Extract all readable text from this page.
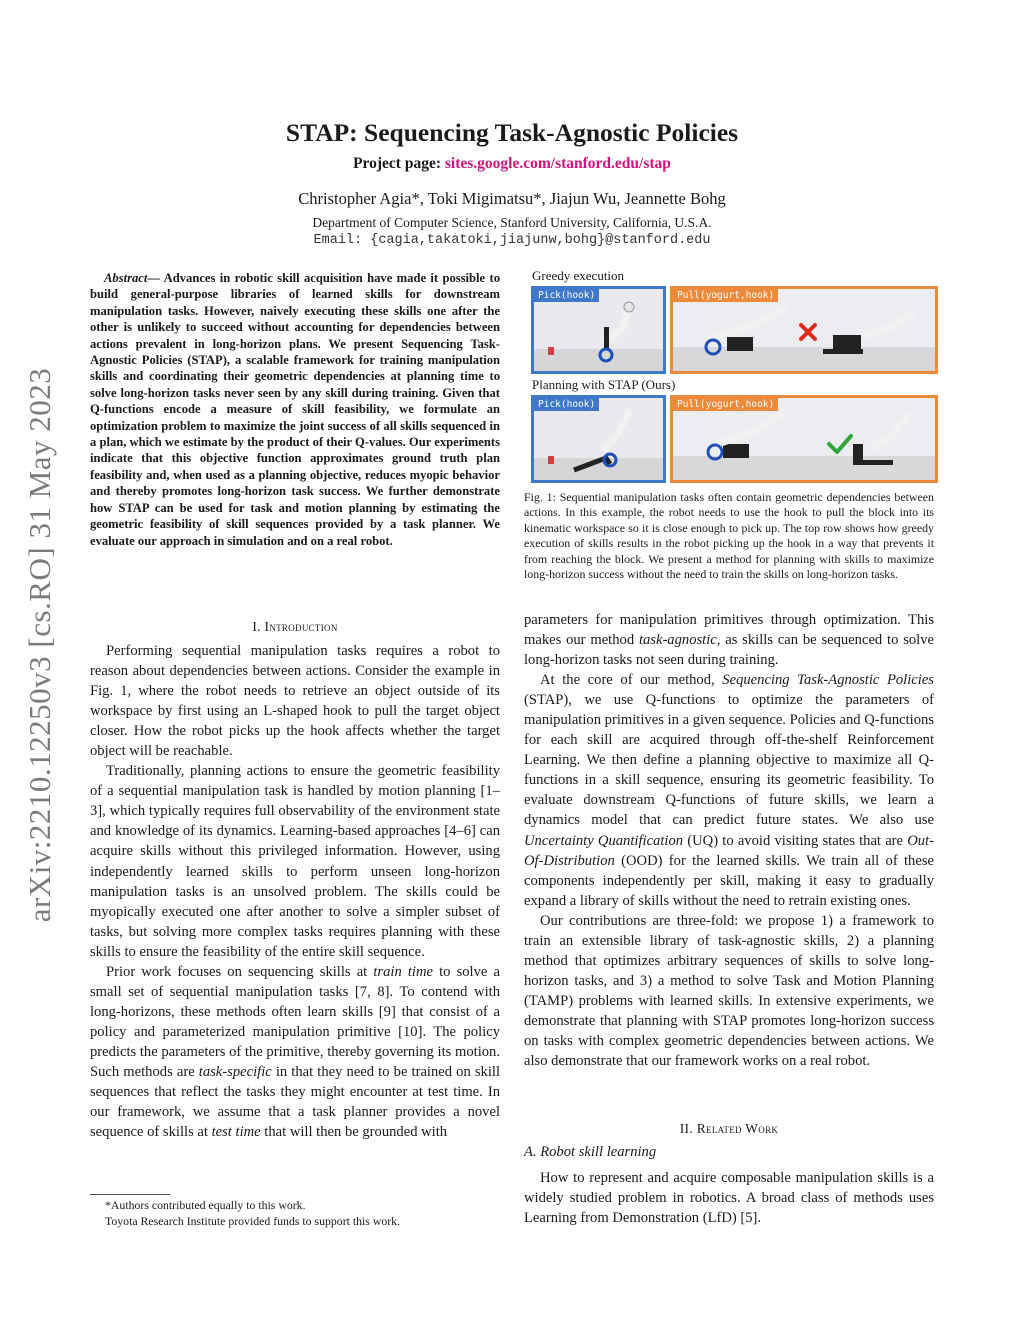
arXiv:2210.12250v3 [cs.RO] 31 May 2023
STAP: Sequencing Task-Agnostic Policies
Project page: sites.google.com/stanford.edu/stap
Christopher Agia*, Toki Migimatsu*, Jiajun Wu, Jeannette Bohg
Department of Computer Science, Stanford University, California, U.S.A.
Email: {cagia,takatoki,jiajunw,bohg}@stanford.edu
Abstract— Advances in robotic skill acquisition have made it possible to build general-purpose libraries of learned skills for downstream manipulation tasks. However, naively executing these skills one after the other is unlikely to succeed without accounting for dependencies between actions prevalent in long-horizon plans. We present Sequencing Task-Agnostic Policies (STAP), a scalable framework for training manipulation skills and coordinating their geometric dependencies at planning time to solve long-horizon tasks never seen by any skill during training. Given that Q-functions encode a measure of skill feasibility, we formulate an optimization problem to maximize the joint success of all skills sequenced in a plan, which we estimate by the product of their Q-values. Our experiments indicate that this objective function approximates ground truth plan feasibility and, when used as a planning objective, reduces myopic behavior and thereby promotes long-horizon task success. We further demonstrate how STAP can be used for task and motion planning by estimating the geometric feasibility of skill sequences provided by a task planner. We evaluate our approach in simulation and on a real robot.
I. Introduction

Performing sequential manipulation tasks requires a robot to reason about dependencies between actions. Consider the example in Fig. 1, where the robot needs to retrieve an object outside of its workspace by first using an L-shaped hook to pull the target object closer. How the robot picks up the hook affects whether the target object will be reachable.

Traditionally, planning actions to ensure the geometric feasibility of a sequential manipulation task is handled by motion planning [1–3], which typically requires full observability of the environment state and knowledge of its dynamics. Learning-based approaches [4–6] can acquire skills without this privileged information. However, using independently learned skills to perform unseen long-horizon manipulation tasks is an unsolved problem. The skills could be myopically executed one after another to solve a simpler subset of tasks, but solving more complex tasks requires planning with these skills to ensure the feasibility of the entire skill sequence.

Prior work focuses on sequencing skills at train time to solve a small set of sequential manipulation tasks [7, 8]. To contend with long-horizons, these methods often learn skills [9] that consist of a policy and parameterized manipulation primitive [10]. The policy predicts the parameters of the primitive, thereby governing its motion. Such methods are task-specific in that they need to be trained on skill sequences that reflect the tasks they might encounter at test time. In our framework, we assume that a task planner provides a novel sequence of skills at test time that will then be grounded with

*Authors contributed equally to this work.
Toyota Research Institute provided funds to support this work.
Greedy execution
Planning with STAP (Ours)
Pick(hook)	Pull(yogurt,hook)
Pick(hook)	Pull(yogurt,hook)
Fig. 1: Sequential manipulation tasks often contain geometric dependencies between actions. In this example, the robot needs to use the hook to pull the block into its kinematic workspace so it is close enough to pick up. The top row shows how greedy execution of skills results in the robot picking up the hook in a way that prevents it from reaching the block. We present a method for planning with skills to maximize long-horizon success without the need to train the skills on long-horizon tasks.

parameters for manipulation primitives through optimization. This makes our method task-agnostic, as skills can be sequenced to solve long-horizon tasks not seen during training.

At the core of our method, Sequencing Task-Agnostic Policies (STAP), we use Q-functions to optimize the parameters of manipulation primitives in a given sequence. Policies and Q-functions for each skill are acquired through off-the-shelf Reinforcement Learning. We then define a planning objective to maximize all Q-functions in a skill sequence, ensuring its geometric feasibility. To evaluate downstream Q-functions of future skills, we learn a dynamics model that can predict future states. We also use Uncertainty Quantification (UQ) to avoid visiting states that are Out-Of-Distribution (OOD) for the learned skills. We train all of these components independently per skill, making it easy to gradually expand a library of skills without the need to retrain existing ones.

Our contributions are three-fold: we propose 1) a framework to train an extensible library of task-agnostic skills, 2) a planning method that optimizes arbitrary sequences of skills to solve long-horizon tasks, and 3) a method to solve Task and Motion Planning (TAMP) problems with learned skills. In extensive experiments, we demonstrate that planning with STAP promotes long-horizon success on tasks with complex geometric dependencies between actions. We also demonstrate that our framework works on a real robot.

II. Related Work
A. Robot skill learning

How to represent and acquire composable manipulation skills is a widely studied problem in robotics. A broad class of methods uses Learning from Demonstration (LfD) [5].
